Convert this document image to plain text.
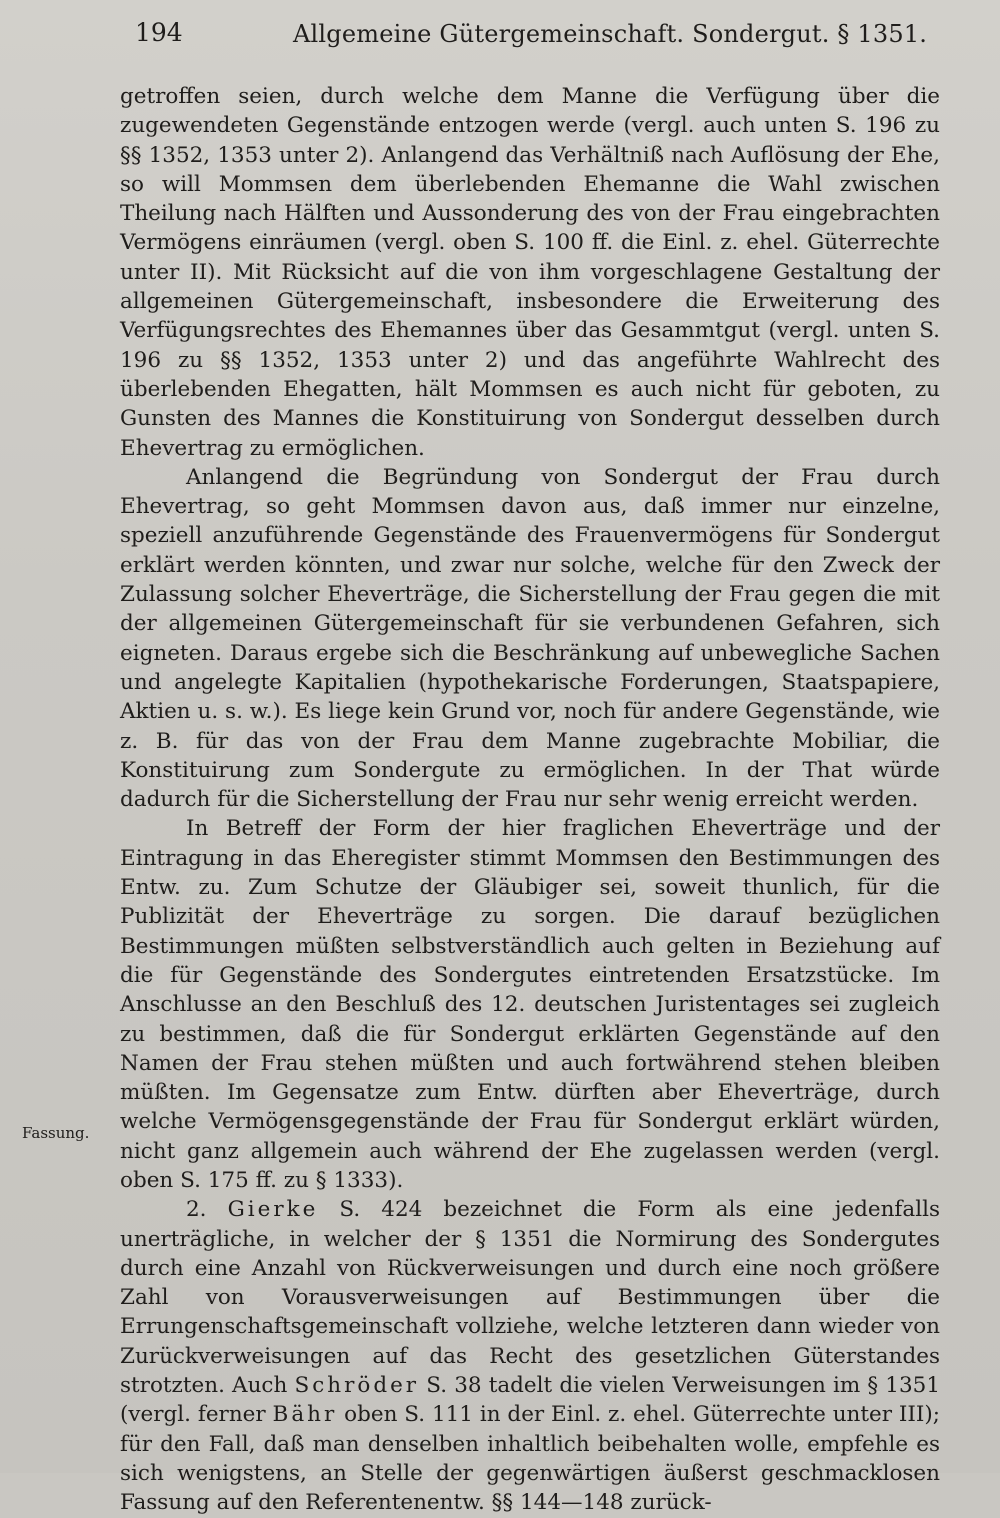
194	Allgemeine Gütergemeinschaft. Sondergut. § 1351.
Fassung.

getroffen seien, durch welche dem Manne die Verfügung über die zugewendeten Gegenstände entzogen werde (vergl. auch unten S. 196 zu §§ 1352, 1353 unter 2). Anlangend das Verhältniß nach Auflösung der Ehe, so will Mommsen dem überlebenden Ehemanne die Wahl zwischen Theilung nach Hälften und Aussonderung des von der Frau eingebrachten Vermögens einräumen (vergl. oben S. 100 ff. die Einl. z. ehel. Güterrechte unter II). Mit Rücksicht auf die von ihm vorgeschlagene Gestaltung der allgemeinen Gütergemeinschaft, insbesondere die Erweiterung des Verfügungsrechtes des Ehemannes über das Gesammtgut (vergl. unten S. 196 zu §§ 1352, 1353 unter 2) und das angeführte Wahlrecht des überlebenden Ehegatten, hält Mommsen es auch nicht für geboten, zu Gunsten des Mannes die Konstituirung von Sondergut desselben durch Ehevertrag zu ermöglichen.

Anlangend die Begründung von Sondergut der Frau durch Ehevertrag, so geht Mommsen davon aus, daß immer nur einzelne, speziell anzuführende Gegenstände des Frauenvermögens für Sondergut erklärt werden könnten, und zwar nur solche, welche für den Zweck der Zulassung solcher Eheverträge, die Sicherstellung der Frau gegen die mit der allgemeinen Gütergemeinschaft für sie verbundenen Gefahren, sich eigneten. Daraus ergebe sich die Beschränkung auf unbewegliche Sachen und angelegte Kapitalien (hypothekarische Forderungen, Staatspapiere, Aktien u. s. w.). Es liege kein Grund vor, noch für andere Gegenstände, wie z. B. für das von der Frau dem Manne zugebrachte Mobiliar, die Konstituirung zum Sondergute zu ermöglichen. In der That würde dadurch für die Sicherstellung der Frau nur sehr wenig erreicht werden.

In Betreff der Form der hier fraglichen Eheverträge und der Eintragung in das Eheregister stimmt Mommsen den Bestimmungen des Entw. zu. Zum Schutze der Gläubiger sei, soweit thunlich, für die Publizität der Eheverträge zu sorgen. Die darauf bezüglichen Bestimmungen müßten selbstverständlich auch gelten in Beziehung auf die für Gegenstände des Sondergutes eintretenden Ersatzstücke. Im Anschlusse an den Beschluß des 12. deutschen Juristentages sei zugleich zu bestimmen, daß die für Sondergut erklärten Gegenstände auf den Namen der Frau stehen müßten und auch fortwährend stehen bleiben müßten. Im Gegensatze zum Entw. dürften aber Eheverträge, durch welche Vermögensgegenstände der Frau für Sondergut erklärt würden, nicht ganz allgemein auch während der Ehe zugelassen werden (vergl. oben S. 175 ff. zu § 1333).

2. Gierke S. 424 bezeichnet die Form als eine jedenfalls unerträgliche, in welcher der § 1351 die Normirung des Sondergutes durch eine Anzahl von Rückverweisungen und durch eine noch größere Zahl von Vorausverweisungen auf Bestimmungen über die Errungenschaftsgemeinschaft vollziehe, welche letzteren dann wieder von Zurückverweisungen auf das Recht des gesetzlichen Güterstandes strotzten. Auch Schröder S. 38 tadelt die vielen Verweisungen im § 1351 (vergl. ferner Bähr oben S. 111 in der Einl. z. ehel. Güterrechte unter III); für den Fall, daß man denselben inhaltlich beibehalten wolle, empfehle es sich wenigstens, an Stelle der gegenwärtigen äußerst geschmacklosen Fassung auf den Referentenentw. §§ 144—148 zurück-
